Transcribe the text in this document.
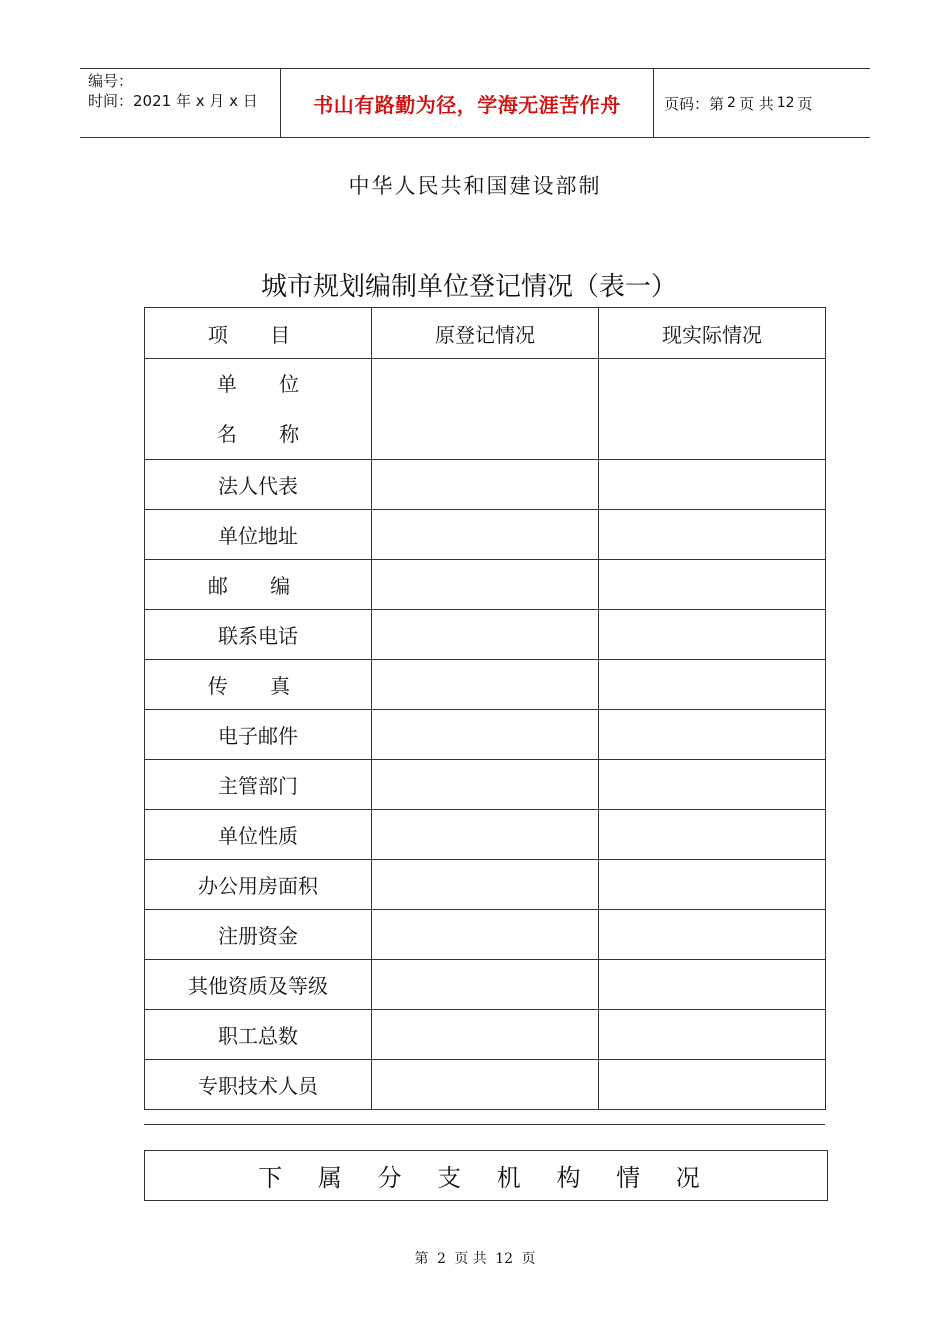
编号：
时间：2021 年 x 月 x 日	书山有路勤为径，学海无涯苦作舟	页码：第 2 页 共 12 页
中华人民共和国建设部制
城市规划编制单位登记情况（表一）
项 目	原登记情况	现实际情况

单 位
名 称		

法人代表		
单位地址		
邮 编		
联系电话		
传 真		
电子邮件		
主管部门		
单位性质		
办公用房面积		
注册资金		
其他资质及等级		
职工总数		
专职技术人员		
下 属 分 支 机 构 情 况
第 2 页 共 12 页
